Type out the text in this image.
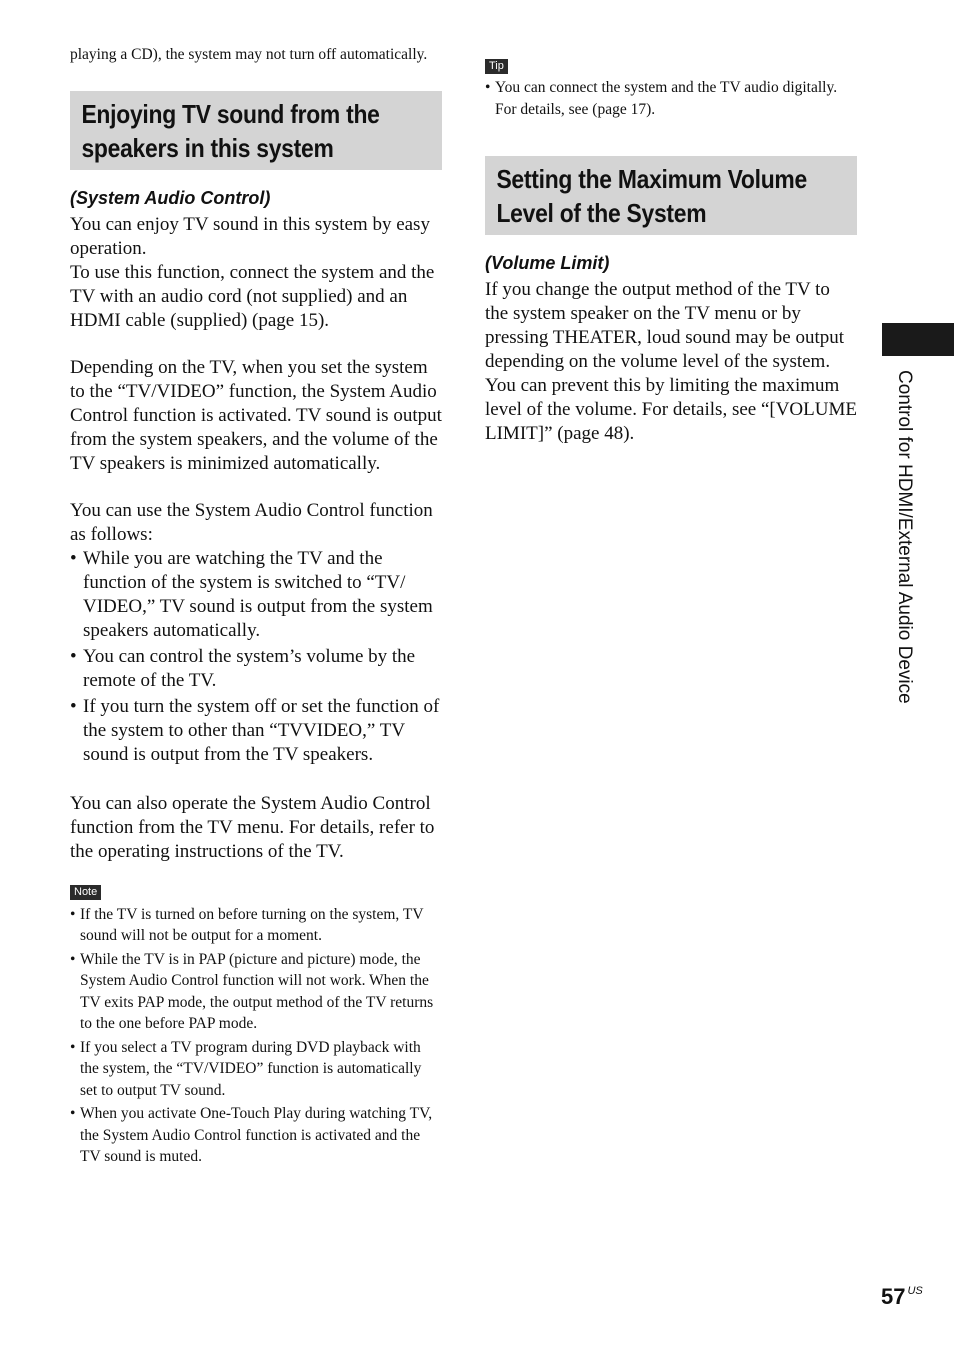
playing a CD), the system may not turn off automatically.

Enjoying TV sound from the speakers in this system
(System Audio Control)

You can enjoy TV sound in this system by easy operation.

To use this function, connect the system and the TV with an audio cord (not supplied) and an HDMI cable (supplied) (page 15).

Depending on the TV, when you set the system to the “TV/VIDEO” function, the System Audio Control function is activated. TV sound is output from the system speakers, and the volume of the TV speakers is minimized automatically.

You can use the System Audio Control function as follows:

• While you are watching the TV and the function of the system is switched to “TV/ VIDEO,” TV sound is output from the system speakers automatically.
• You can control the system’s volume by the remote of the TV.
• If you turn the system off or set the function of the system to other than “TVVIDEO,” TV sound is output from the TV speakers.

You can also operate the System Audio Control function from the TV menu. For details, refer to the operating instructions of the TV.

Note
• If the TV is turned on before turning on the system, TV sound will not be output for a moment.
• While the TV is in PAP (picture and picture) mode, the System Audio Control function will not work. When the TV exits PAP mode, the output method of the TV returns to the one before PAP mode.
• If you select a TV program during DVD playback with the system, the “TV/VIDEO” function is automatically set to output TV sound.
• When you activate One-Touch Play during watching TV, the System Audio Control function is activated and the TV sound is muted.
Tip
• You can connect the system and the TV audio digitally. For details, see (page 17).
Setting the Maximum Volume Level of the System
(Volume Limit)

If you change the output method of the TV to the system speaker on the TV menu or by pressing THEATER, loud sound may be output depending on the volume level of the system. You can prevent this by limiting the maximum level of the volume. For details, see “[VOLUME LIMIT]” (page 48).	Control for HDMI/External Audio Device
57 $^{US}$
